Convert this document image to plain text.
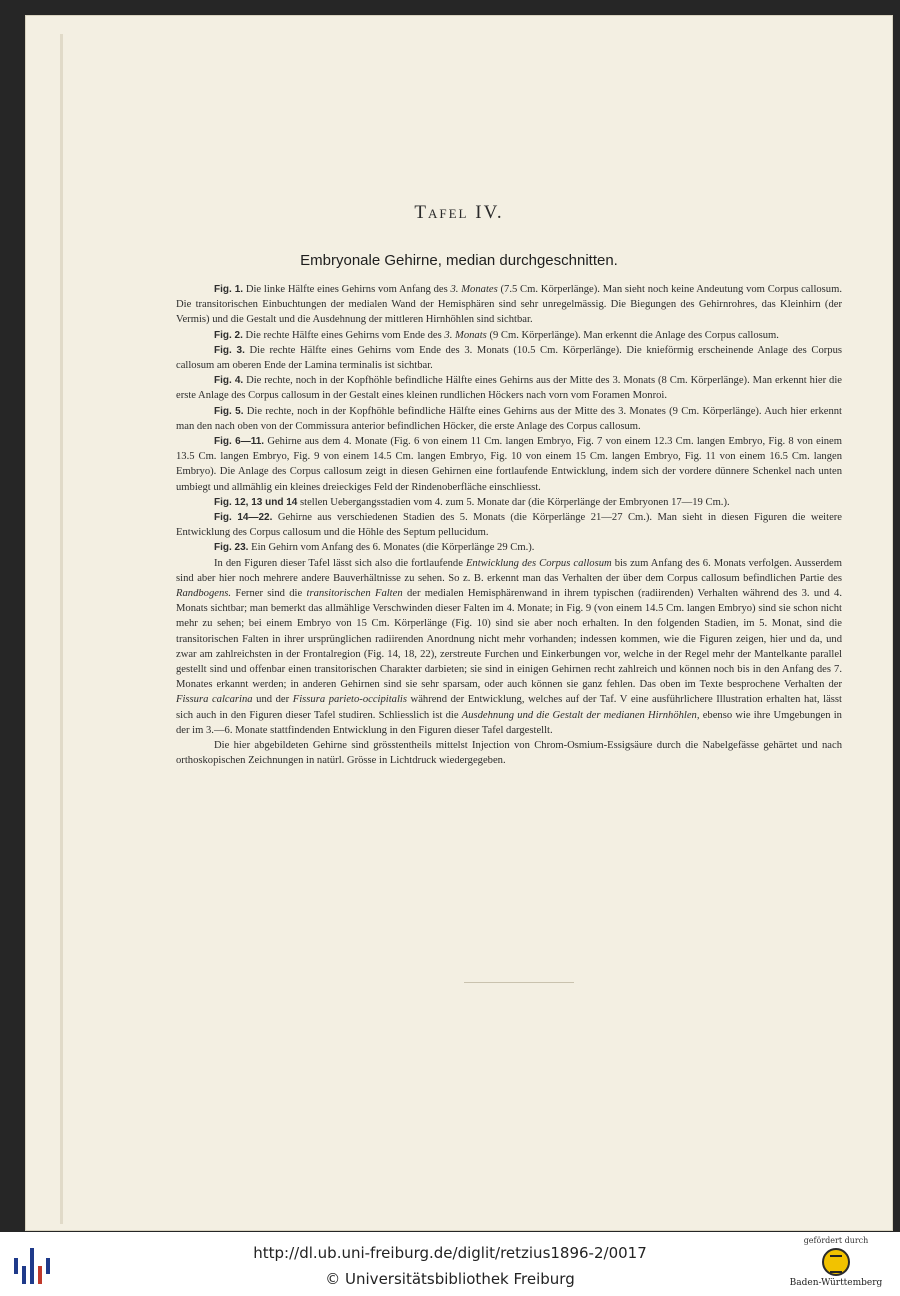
Tafel IV.
Embryonale Gehirne, median durchgeschnitten.

Fig. 1. Die linke Hälfte eines Gehirns vom Anfang des 3. Monates (7.5 Cm. Körperlänge). Man sieht noch keine Andeutung vom Corpus callosum. Die transitorischen Einbuchtungen der medialen Wand der Hemisphären sind sehr unregelmässig. Die Biegungen des Gehirnrohres, das Kleinhirn (der Vermis) und die Gestalt und die Ausdehnung der mittleren Hirnhöhlen sind sichtbar.

Fig. 2. Die rechte Hälfte eines Gehirns vom Ende des 3. Monats (9 Cm. Körperlänge). Man erkennt die Anlage des Corpus callosum.

Fig. 3. Die rechte Hälfte eines Gehirns vom Ende des 3. Monats (10.5 Cm. Körperlänge). Die knieförmig erscheinende Anlage des Corpus callosum am oberen Ende der Lamina terminalis ist sichtbar.

Fig. 4. Die rechte, noch in der Kopfhöhle befindliche Hälfte eines Gehirns aus der Mitte des 3. Monats (8 Cm. Körperlänge). Man erkennt hier die erste Anlage des Corpus callosum in der Gestalt eines kleinen rundlichen Höckers nach vorn vom Foramen Monroi.

Fig. 5. Die rechte, noch in der Kopfhöhle befindliche Hälfte eines Gehirns aus der Mitte des 3. Monates (9 Cm. Körperlänge). Auch hier erkennt man den nach oben von der Commissura anterior befindlichen Höcker, die erste Anlage des Corpus callosum.

Fig. 6—11. Gehirne aus dem 4. Monate (Fig. 6 von einem 11 Cm. langen Embryo, Fig. 7 von einem 12.3 Cm. langen Embryo, Fig. 8 von einem 13.5 Cm. langen Embryo, Fig. 9 von einem 14.5 Cm. langen Embryo, Fig. 10 von einem 15 Cm. langen Embryo, Fig. 11 von einem 16.5 Cm. langen Embryo). Die Anlage des Corpus callosum zeigt in diesen Gehirnen eine fortlaufende Entwicklung, indem sich der vordere dünnere Schenkel nach unten umbiegt und allmählig ein kleines dreieckiges Feld der Rindenoberfläche einschliesst.

Fig. 12, 13 und 14 stellen Uebergangsstadien vom 4. zum 5. Monate dar (die Körperlänge der Embryonen 17—19 Cm.).

Fig. 14—22. Gehirne aus verschiedenen Stadien des 5. Monats (die Körperlänge 21—27 Cm.). Man sieht in diesen Figuren die weitere Entwicklung des Corpus callosum und die Höhle des Septum pellucidum.

Fig. 23. Ein Gehirn vom Anfang des 6. Monates (die Körperlänge 29 Cm.).

In den Figuren dieser Tafel lässt sich also die fortlaufende Entwicklung des Corpus callosum bis zum Anfang des 6. Monats verfolgen. Ausserdem sind aber hier noch mehrere andere Bauverhältnisse zu sehen. So z. B. erkennt man das Verhalten der über dem Corpus callosum befindlichen Partie des Randbogens. Ferner sind die transitorischen Falten der medialen Hemisphärenwand in ihrem typischen (radiirenden) Verhalten während des 3. und 4. Monats sichtbar; man bemerkt das allmählige Verschwinden dieser Falten im 4. Monate; in Fig. 9 (von einem 14.5 Cm. langen Embryo) sind sie schon nicht mehr zu sehen; bei einem Embryo von 15 Cm. Körperlänge (Fig. 10) sind sie aber noch erhalten. In den folgenden Stadien, im 5. Monat, sind die transitorischen Falten in ihrer ursprünglichen radiirenden Anordnung nicht mehr vorhanden; indessen kommen, wie die Figuren zeigen, hier und da, und zwar am zahlreichsten in der Frontalregion (Fig. 14, 18, 22), zerstreute Furchen und Einkerbungen vor, welche in der Regel mehr der Mantelkante parallel gestellt sind und offenbar einen transitorischen Charakter darbieten; sie sind in einigen Gehirnen recht zahlreich und können noch bis in den Anfang des 7. Monates erkannt werden; in anderen Gehirnen sind sie sehr sparsam, oder auch können sie ganz fehlen. Das oben im Texte besprochene Verhalten der Fissura calcarina und der Fissura parieto-occipitalis während der Entwicklung, welches auf der Taf. V eine ausführlichere Illustration erhalten hat, lässt sich auch in den Figuren dieser Tafel studiren. Schliesslich ist die Ausdehnung und die Gestalt der medianen Hirnhöhlen, ebenso wie ihre Umgebungen in der im 3.—6. Monate stattfindenden Entwicklung in den Figuren dieser Tafel dargestellt.

Die hier abgebildeten Gehirne sind grösstentheils mittelst Injection von Chrom-Osmium-Essigsäure durch die Nabelgefässe gehärtet und nach orthoskopischen Zeichnungen in natürl. Grösse in Lichtdruck wiedergegeben.

http://dl.ub.uni-freiburg.de/diglit/retzius1896-2/0017
© Universitätsbibliothek Freiburg
gefördert durch
Baden-Württemberg
